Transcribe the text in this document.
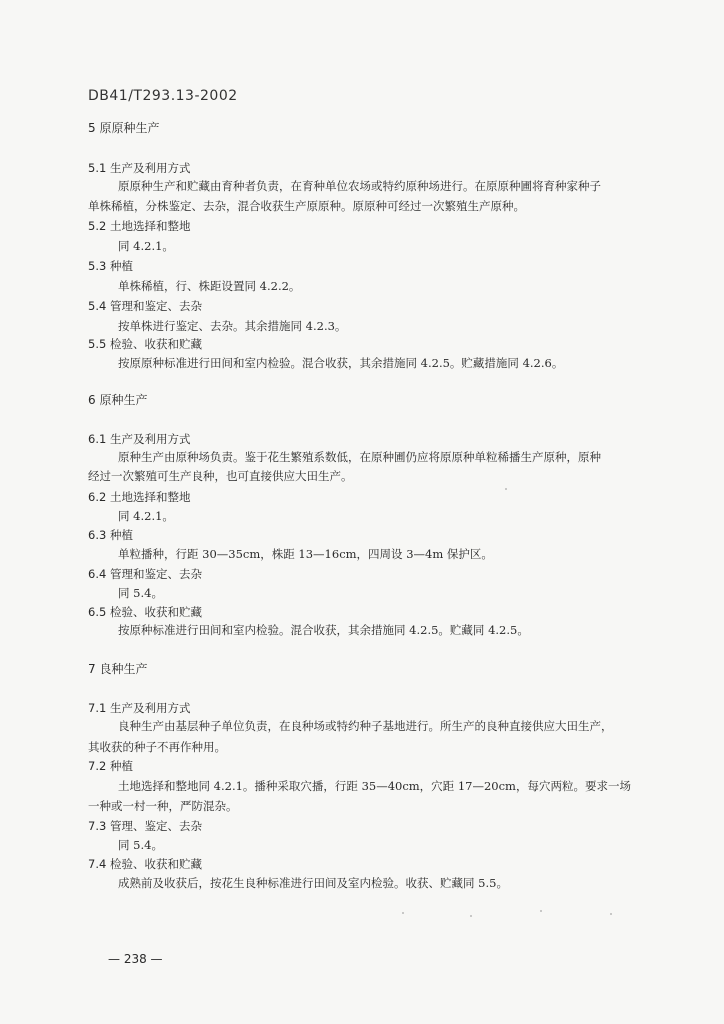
DB41/T293.13-2002
5 原原种生产
5.1 生产及利用方式
原原种生产和贮藏由育种者负责，在育种单位农场或特约原种场进行。在原原种圃将育种家种子
单株稀植，分株鉴定、去杂，混合收获生产原原种。原原种可经过一次繁殖生产原种。
5.2 土地选择和整地
同 4.2.1。
5.3 种植
单株稀植，行、株距设置同 4.2.2。
5.4 管理和鉴定、去杂
按单株进行鉴定、去杂。其余措施同 4.2.3。
5.5 检验、收获和贮藏
按原原种标准进行田间和室内检验。混合收获，其余措施同 4.2.5。贮藏措施同 4.2.6。
6 原种生产
6.1 生产及利用方式
原种生产由原种场负责。鉴于花生繁殖系数低，在原种圃仍应将原原种单粒稀播生产原种，原种
经过一次繁殖可生产良种，也可直接供应大田生产。
6.2 土地选择和整地
同 4.2.1。
6.3 种植
单粒播种，行距 30—35cm，株距 13—16cm，四周设 3—4m 保护区。
6.4 管理和鉴定、去杂
同 5.4。
6.5 检验、收获和贮藏
按原种标准进行田间和室内检验。混合收获，其余措施同 4.2.5。贮藏同 4.2.5。
7 良种生产
7.1 生产及利用方式
良种生产由基层种子单位负责，在良种场或特约种子基地进行。所生产的良种直接供应大田生产，
其收获的种子不再作种用。
7.2 种植
土地选择和整地同 4.2.1。播种采取穴播，行距 35—40cm，穴距 17—20cm，每穴两粒。要求一场
一种或一村一种，严防混杂。
7.3 管理、鉴定、去杂
同 5.4。
7.4 检验、收获和贮藏
成熟前及收获后，按花生良种标准进行田间及室内检验。收获、贮藏同 5.5。
— 238 —
